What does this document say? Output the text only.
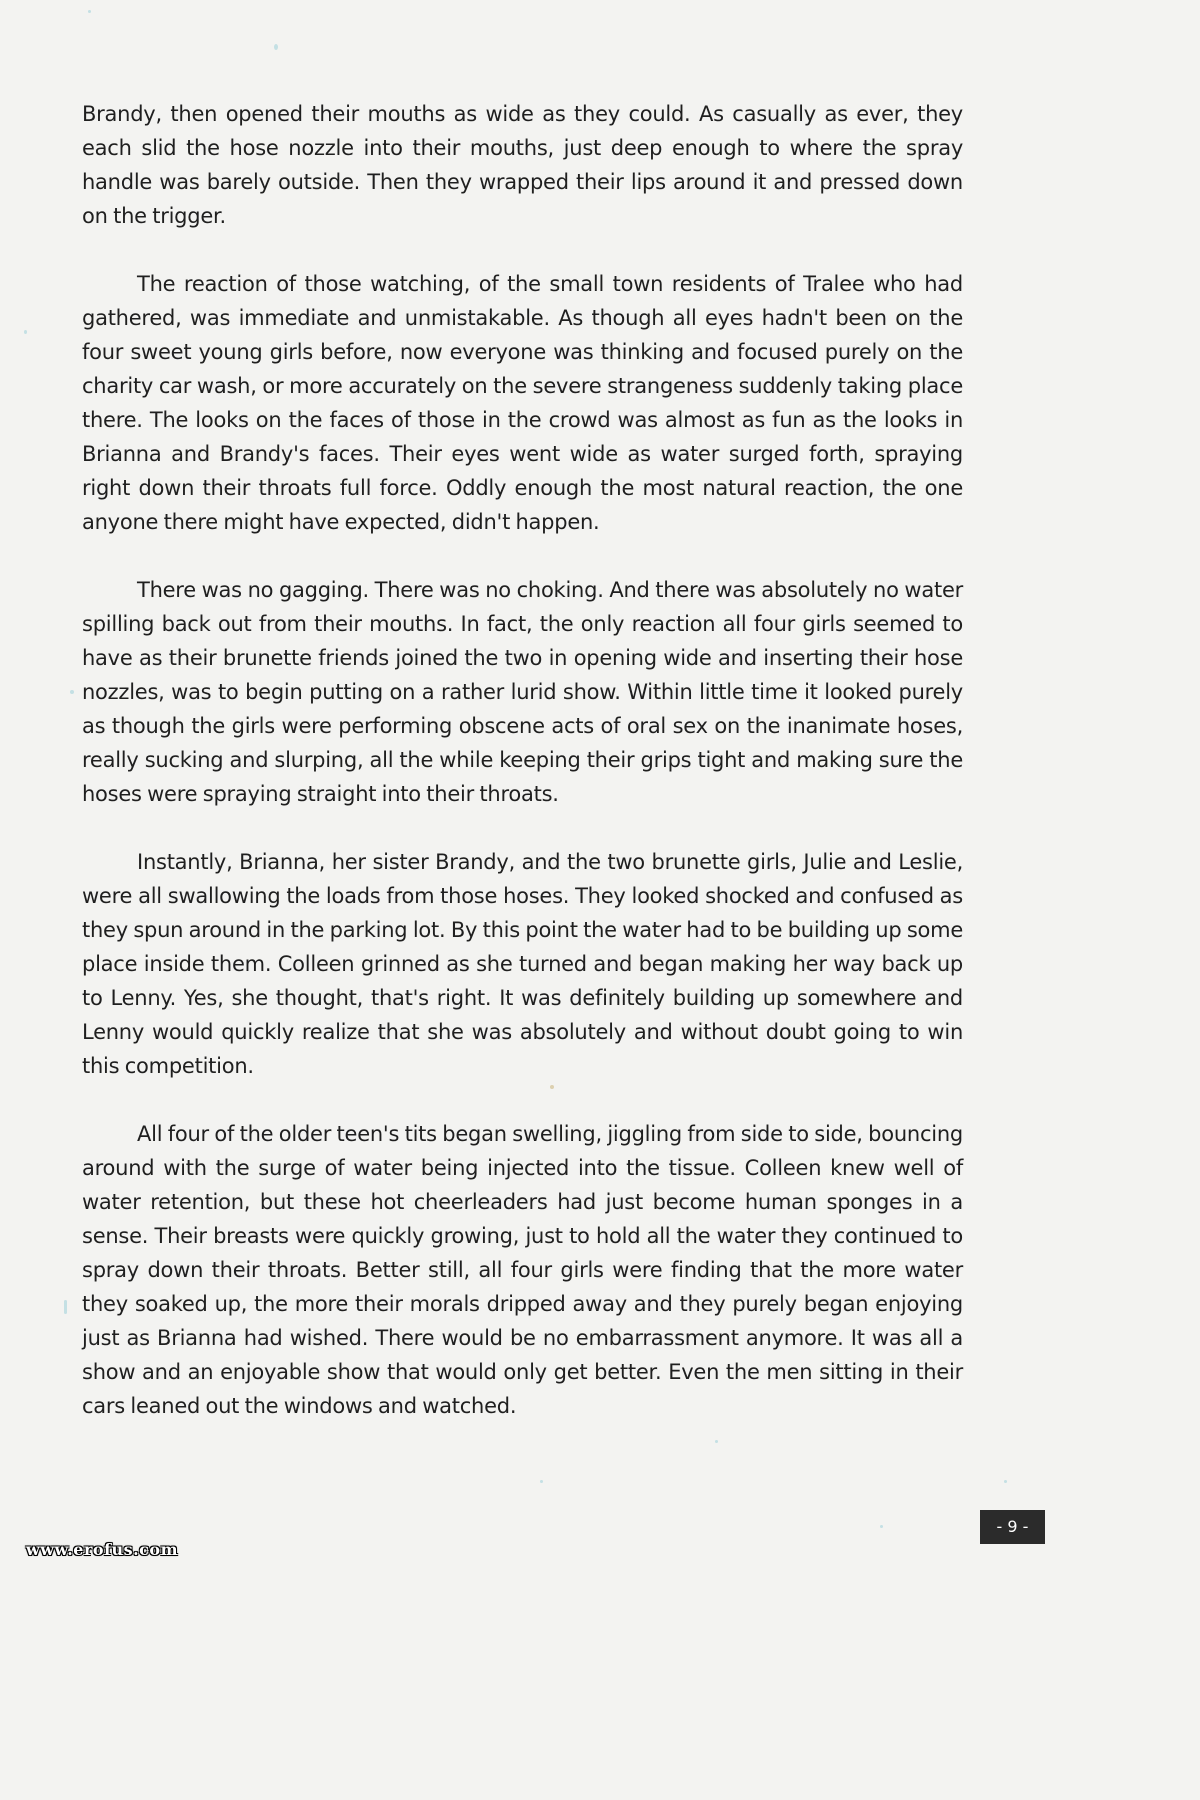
Brandy, then opened their mouths as wide as they could. As casually as ever, they each slid the hose nozzle into their mouths, just deep enough to where the spray handle was barely outside. Then they wrapped their lips around it and pressed down on the trigger.

The reaction of those watching, of the small town residents of Tralee who had gathered, was immediate and unmistakable. As though all eyes hadn't been on the four sweet young girls before, now everyone was thinking and focused purely on the charity car wash, or more accurately on the severe strangeness suddenly taking place there. The looks on the faces of those in the crowd was almost as fun as the looks in Brianna and Brandy's faces. Their eyes went wide as water surged forth, spraying right down their throats full force. Oddly enough the most natural reaction, the one anyone there might have expected, didn't happen.

There was no gagging. There was no choking. And there was absolutely no water spilling back out from their mouths. In fact, the only reaction all four girls seemed to have as their brunette friends joined the two in opening wide and inserting their hose nozzles, was to begin putting on a rather lurid show. Within little time it looked purely as though the girls were performing obscene acts of oral sex on the inanimate hoses, really sucking and slurping, all the while keeping their grips tight and making sure the hoses were spraying straight into their throats.

Instantly, Brianna, her sister Brandy, and the two brunette girls, Julie and Leslie, were all swallowing the loads from those hoses. They looked shocked and confused as they spun around in the parking lot. By this point the water had to be building up some place inside them. Colleen grinned as she turned and began making her way back up to Lenny. Yes, she thought, that's right. It was definitely building up somewhere and Lenny would quickly realize that she was absolutely and without doubt going to win this competition.

All four of the older teen's tits began swelling, jiggling from side to side, bouncing around with the surge of water being injected into the tissue. Colleen knew well of water retention, but these hot cheerleaders had just become human sponges in a sense. Their breasts were quickly growing, just to hold all the water they continued to spray down their throats. Better still, all four girls were finding that the more water they soaked up, the more their morals dripped away and they purely began enjoying just as Brianna had wished. There would be no embarrassment anymore. It was all a show and an enjoyable show that would only get better. Even the men sitting in their cars leaned out the windows and watched.

- 9 -
www.erofus.com
